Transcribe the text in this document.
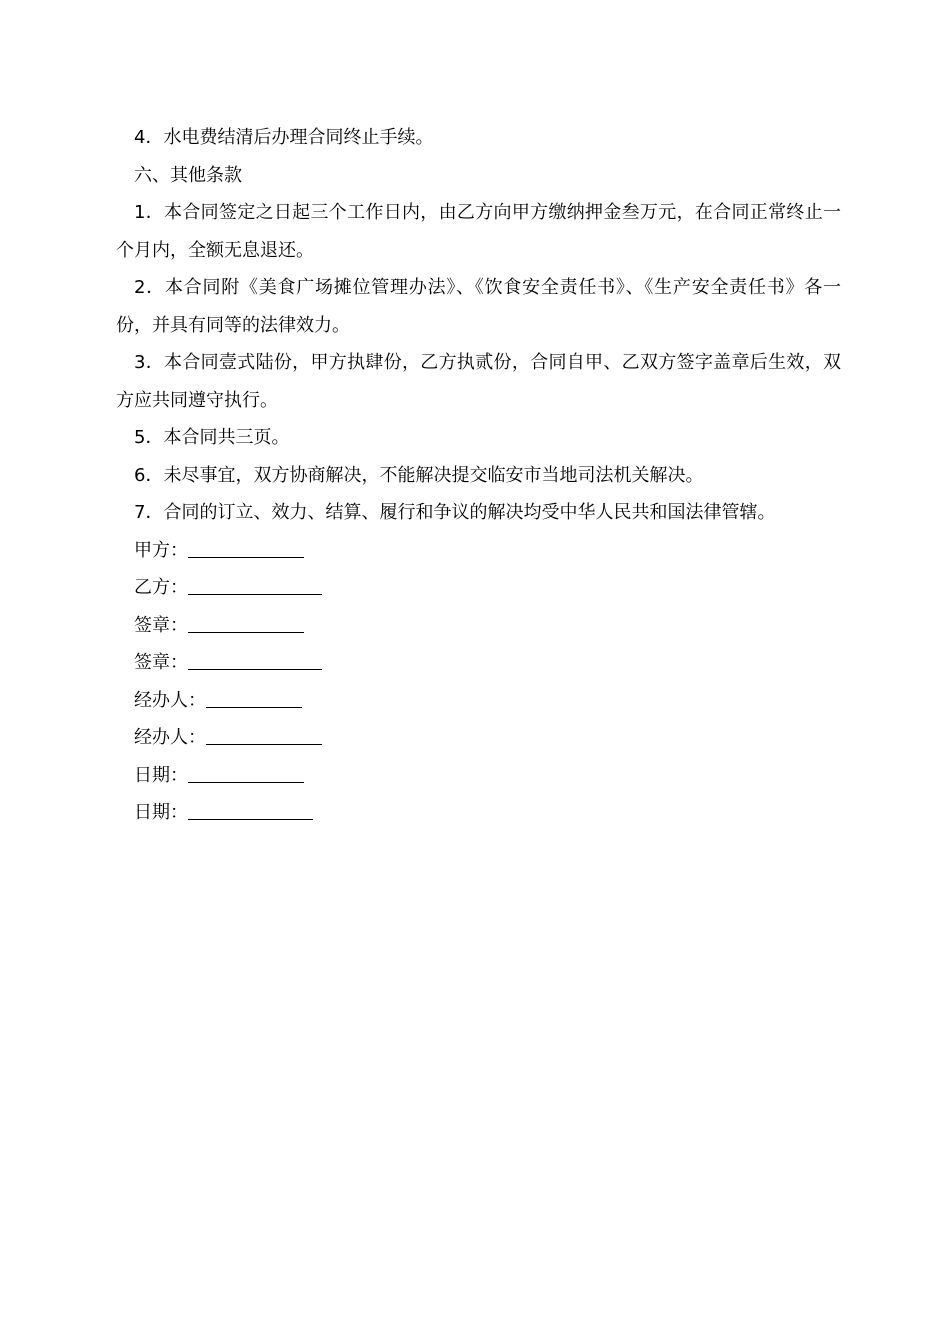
4．水电费结清后办理合同终止手续。

六、其他条款

1．本合同签定之日起三个工作日内，由乙方向甲方缴纳押金叁万元，在合同正常终止一个月内，全额无息退还。

2．本合同附《美食广场摊位管理办法》、《饮食安全责任书》、《生产安全责任书》各一份，并具有同等的法律效力。

3．本合同壹式陆份，甲方执肆份，乙方执贰份，合同自甲、乙双方签字盖章后生效，双方应共同遵守执行。

5．本合同共三页。

6．未尽事宜，双方协商解决，不能解决提交临安市当地司法机关解决。

7．合同的订立、效力、结算、履行和争议的解决均受中华人民共和国法律管辖。

甲方：
乙方：
签章：
签章：
经办人：
经办人：
日期：
日期：
